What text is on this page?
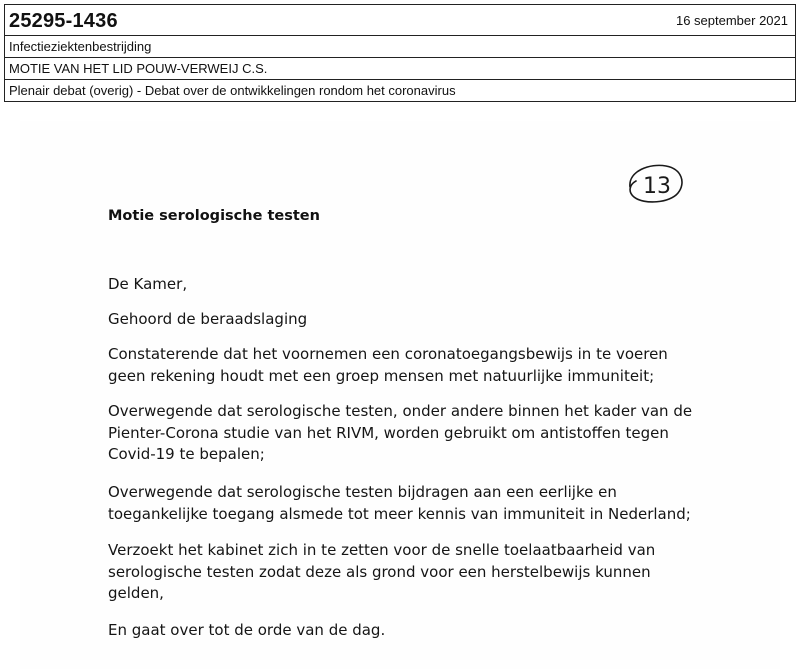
25295-1436	16 september 2021
Infectieziektenbestrijding
MOTIE VAN HET LID POUW-VERWEIJ C.S.
Plenair debat (overig) - Debat over de ontwikkelingen rondom het coronavirus
13
Motie serologische testen
De Kamer,
Gehoord de beraadslaging
Constaterende dat het voornemen een coronatoegangsbewijs in te voeren
geen rekening houdt met een groep mensen met natuurlijke immuniteit;
Overwegende dat serologische testen, onder andere binnen het kader van de
Pienter-Corona studie van het RIVM, worden gebruikt om antistoffen tegen
Covid-19 te bepalen;
Overwegende dat serologische testen bijdragen aan een eerlijke en
toegankelijke toegang alsmede tot meer kennis van immuniteit in Nederland;
Verzoekt het kabinet zich in te zetten voor de snelle toelaatbaarheid van
serologische testen zodat deze als grond voor een herstelbewijs kunnen
gelden,
En gaat over tot de orde van de dag.
